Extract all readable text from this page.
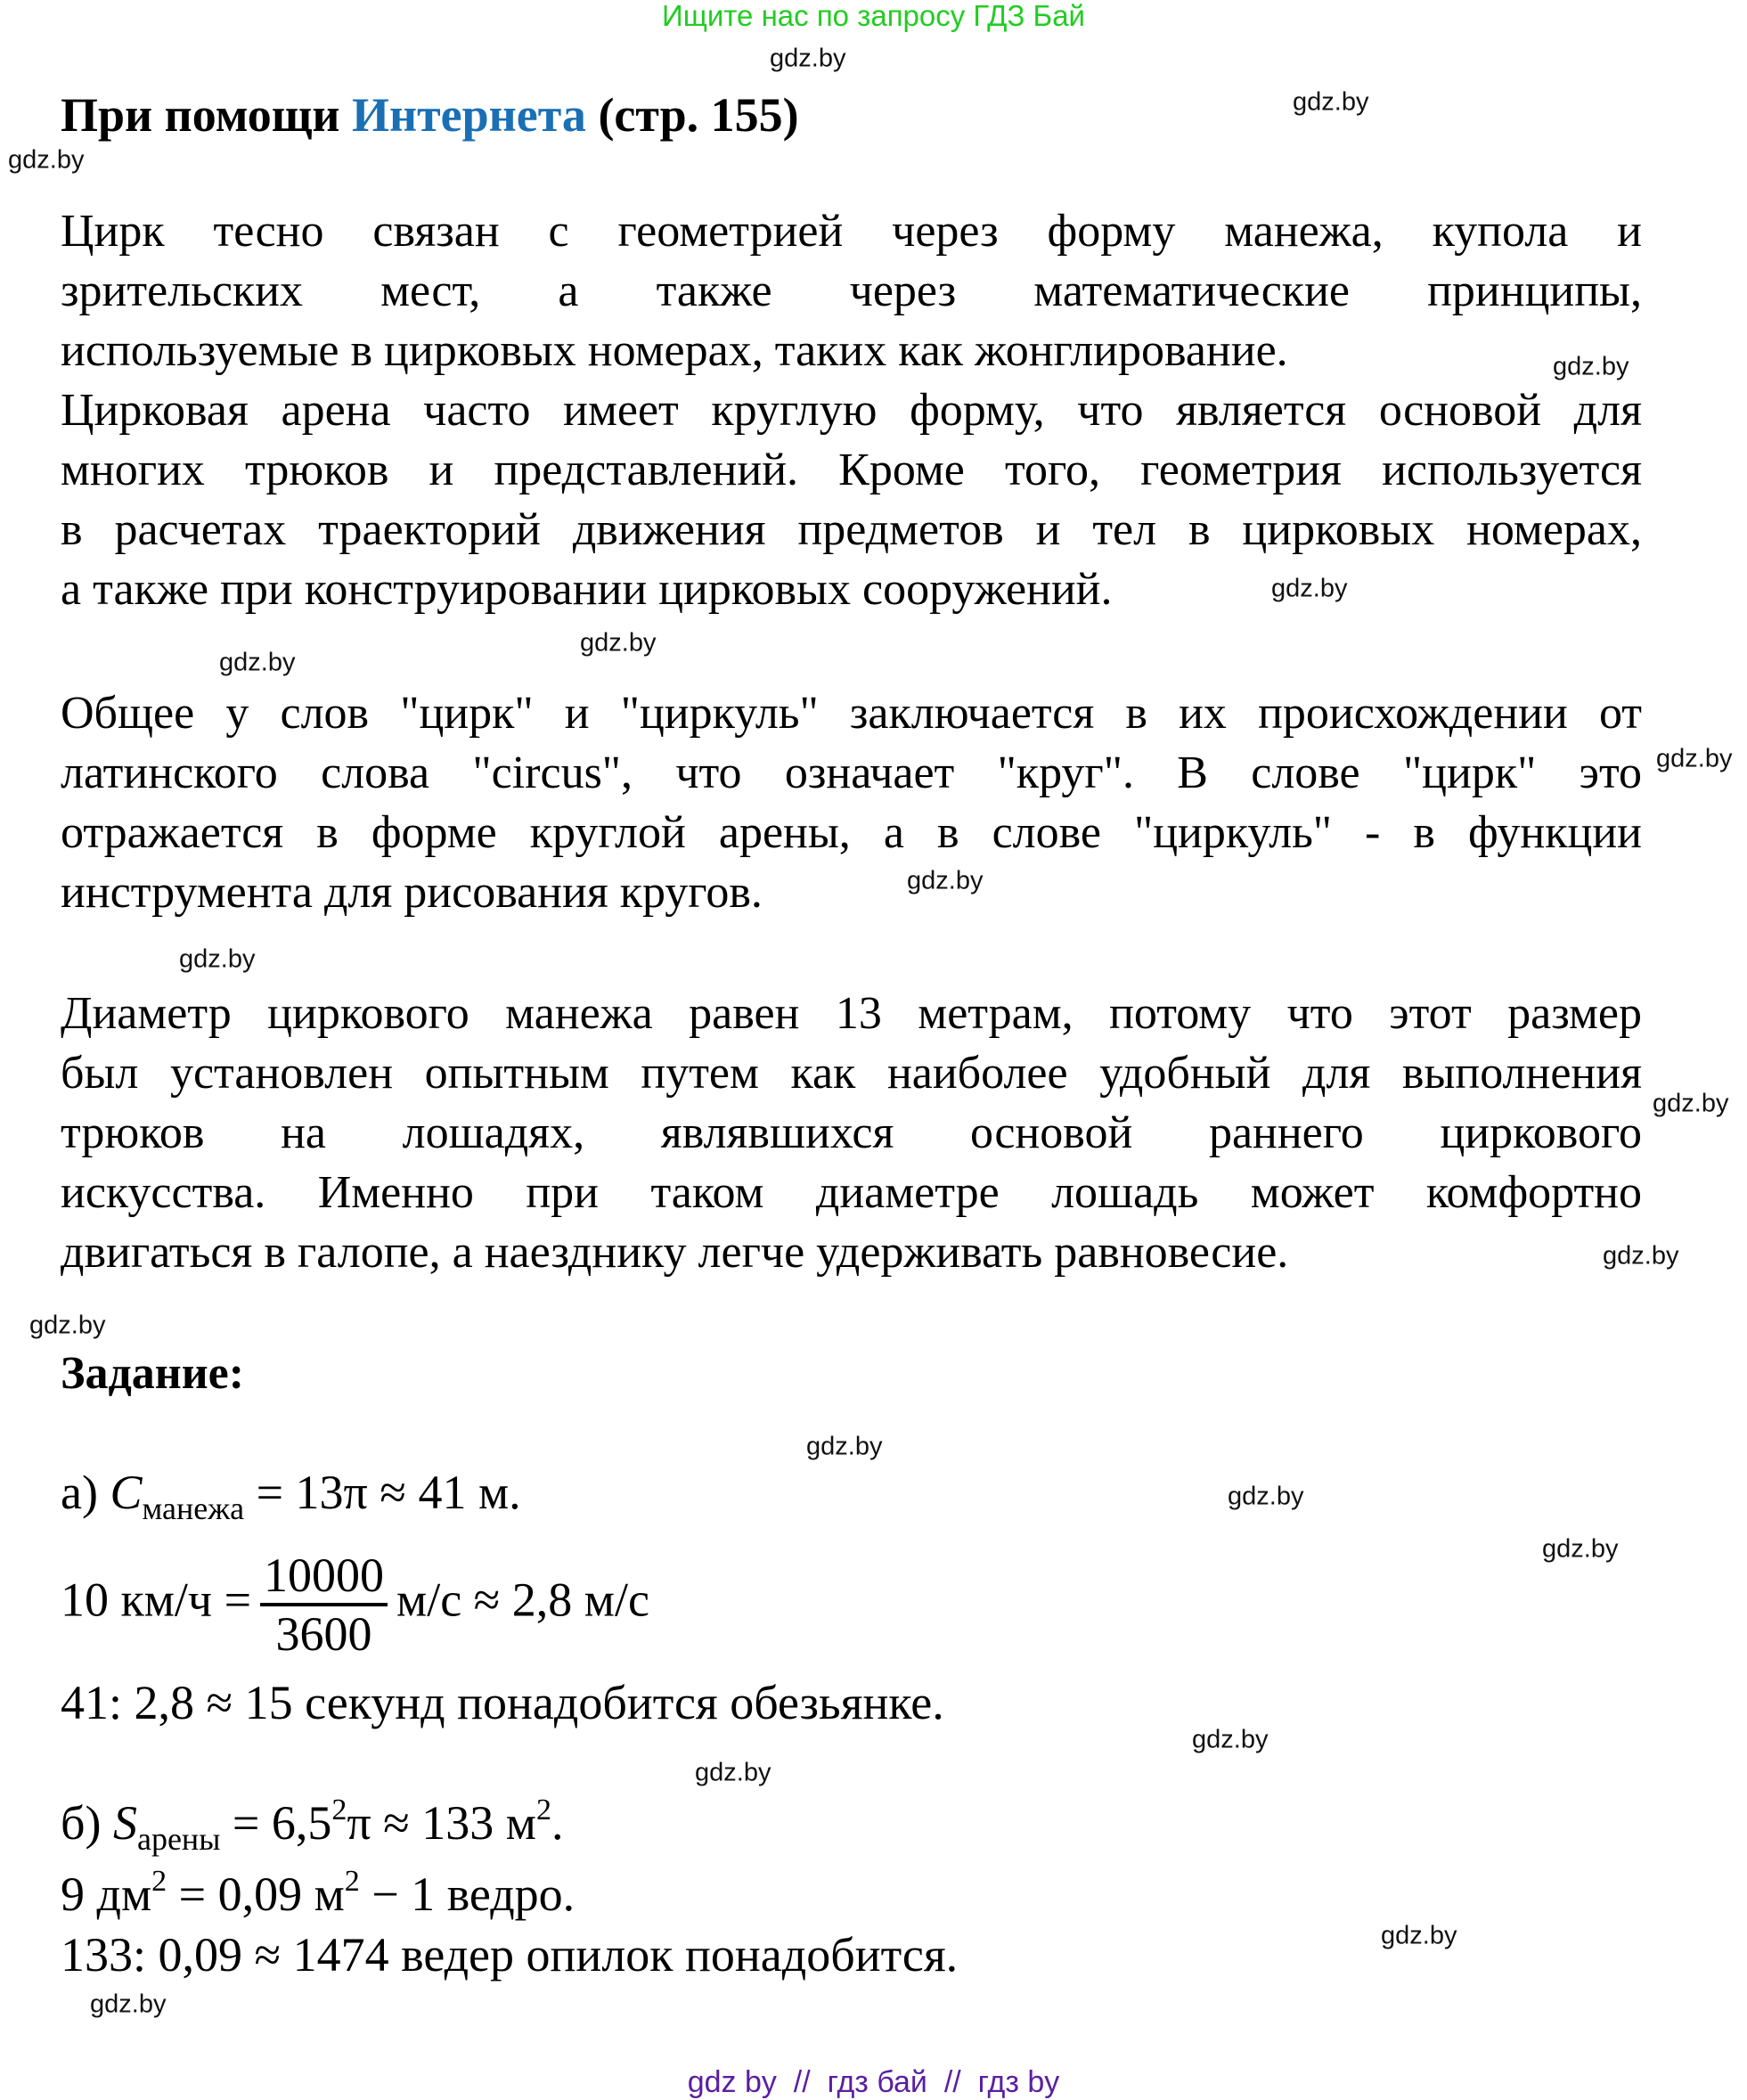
Ищите нас по запросу ГДЗ Бай
При помощи Интернета (стр. 155)
Цирк тесно связан с геометрией через форму манежа, купола и
зрительских мест, а также через математические принципы,
используемые в цирковых номерах, таких как жонглирование.
Цирковая арена часто имеет круглую форму, что является основой для
многих трюков и представлений. Кроме того, геометрия используется
в расчетах траекторий движения предметов и тел в цирковых номерах,
а также при конструировании цирковых сооружений.
Общее у слов "цирк" и "циркуль" заключается в их происхождении от
латинского слова "circus", что означает "круг". В слове "цирк" это
отражается в форме круглой арены, а в слове "циркуль" - в функции
инструмента для рисования кругов.
Диаметр циркового манежа равен 13 метрам, потому что этот размер
был установлен опытным путем как наиболее удобный для выполнения
трюков на лошадях, являвшихся основой раннего циркового
искусства. Именно при таком диаметре лошадь может комфортно
двигаться в галопе, а наезднику легче удерживать равновесие.
Задание:
а) $C_{манежа} = 13\pi \approx 41$ м.
10 $км/ч = \frac{10000}{3600} м/с \approx 2,8$ м/с
41: 2,8 ≈ 15 секунд понадобится обезьянке.
б) $S_{арены} = 6,5^2\pi \approx 133$ $м^2$.
9 $дм^2 = 0,09$ $м^2 - 1$ ведро.
133: 0,09 ≈ 1474 ведер опилок понадобится.
gdz.by
gdz.by
gdz.by
gdz.by
gdz.by
gdz.by
gdz.by
gdz.by
gdz.by
gdz.by
gdz.by
gdz.by
gdz.by
gdz.by
gdz.by
gdz.by
gdz.by
gdz.by
gdz.by
gdz.by
gdz by  //  гдз бай  //  гдз by
